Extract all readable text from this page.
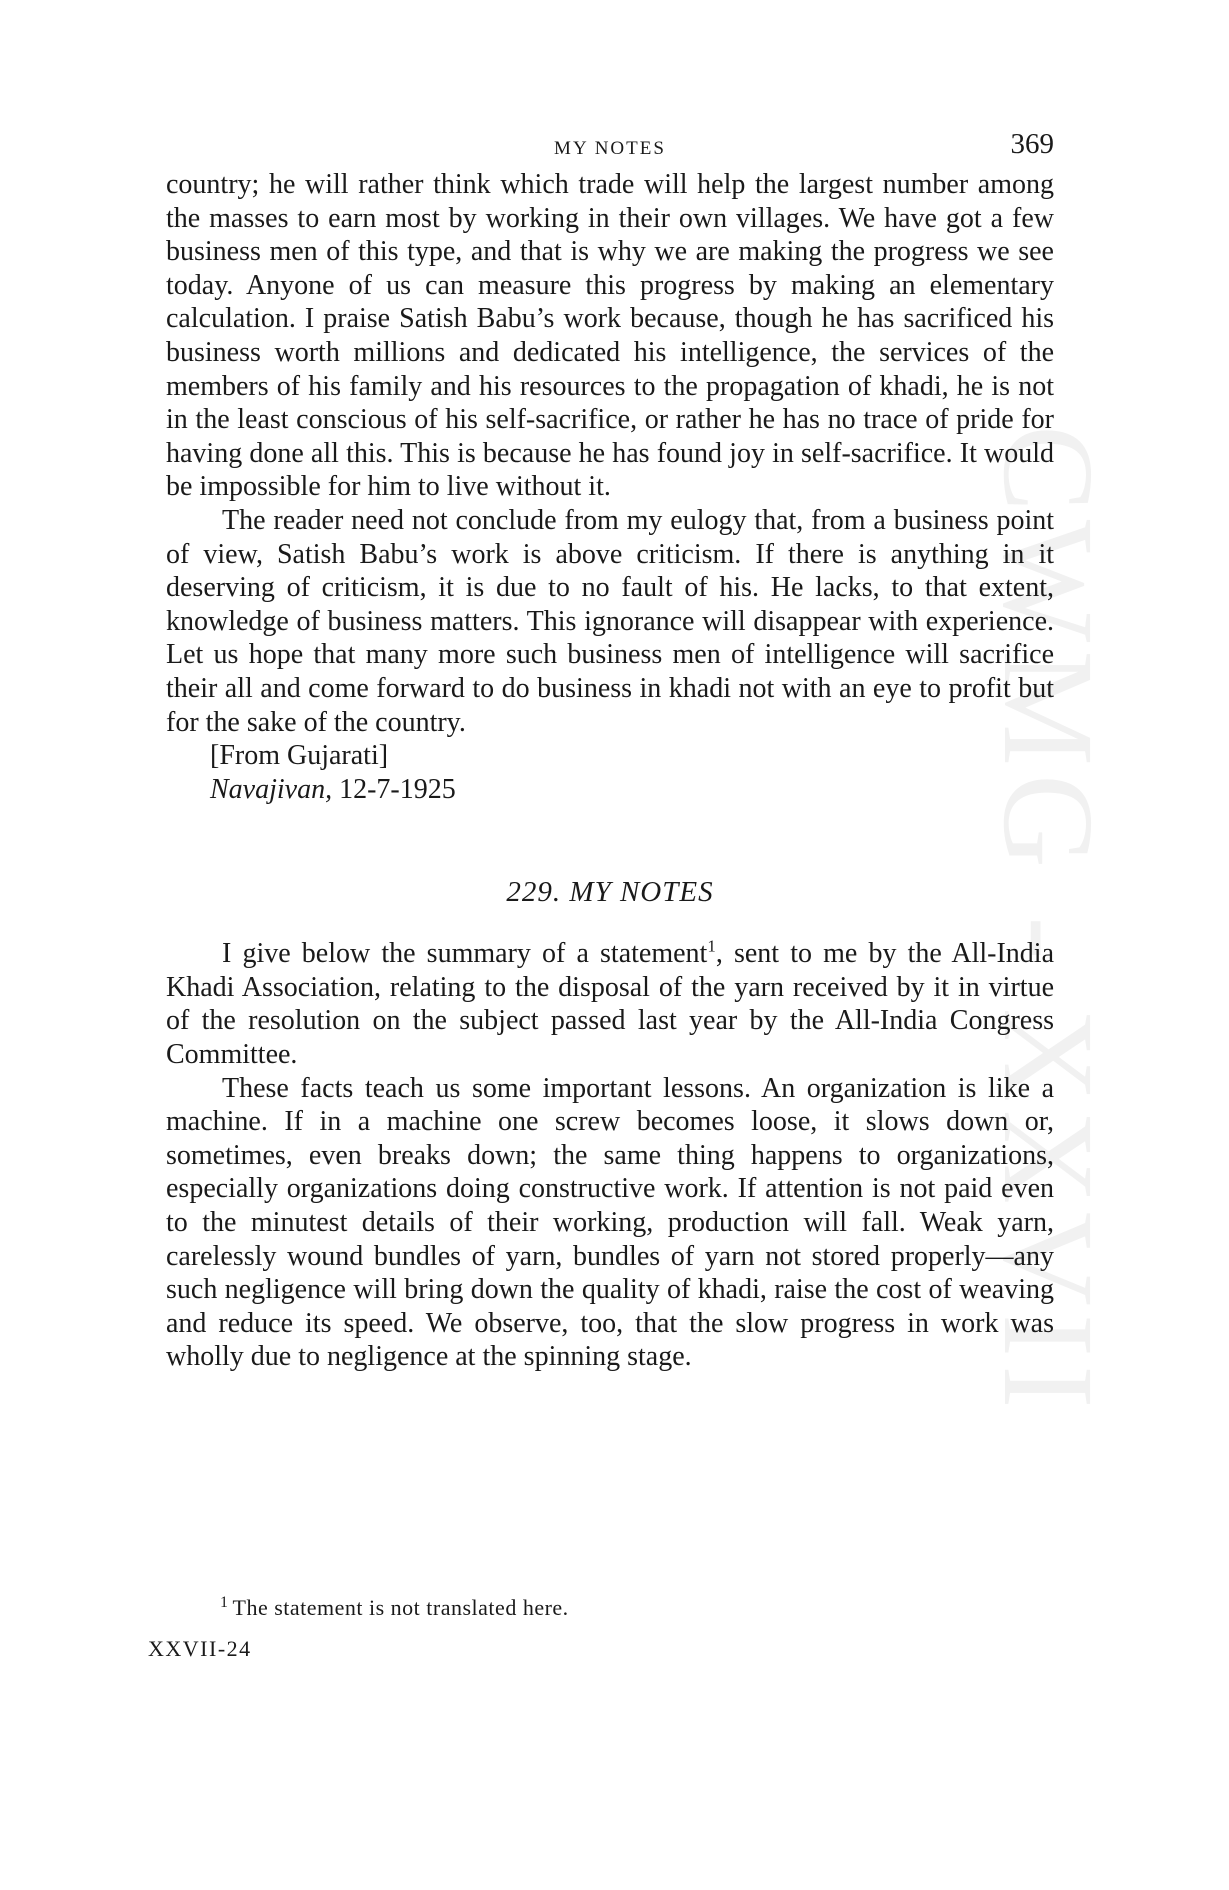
CWMG - XXVII
MY NOTES	369

country; he will rather think which trade will help the largest number among the masses to earn most by working in their own villages. We have got a few business men of this type, and that is why we are making the progress we see today. Anyone of us can measure this progress by making an elementary calculation. I praise Satish Babu’s work because, though he has sacrificed his business worth millions and dedicated his intelligence, the services of the members of his family and his resources to the propagation of khadi, he is not in the least conscious of his self-sacrifice, or rather he has no trace of pride for having done all this. This is because he has found joy in self-sacrifice. It would be impossible for him to live without it.

The reader need not conclude from my eulogy that, from a business point of view, Satish Babu’s work is above criticism. If there is anything in it deserving of criticism, it is due to no fault of his. He lacks, to that extent, knowledge of business matters. This ignorance will disappear with experience. Let us hope that many more such business men of intelligence will sacrifice their all and come forward to do business in khadi not with an eye to profit but for the sake of the country.

[From Gujarati]
Navajivan, 12-7-1925
229. MY NOTES

I give below the summary of a statement$^1$, sent to me by the All-India Khadi Association, relating to the disposal of the yarn received by it in virtue of the resolution on the subject passed last year by the All-India Congress Committee.

These facts teach us some important lessons. An organization is like a machine. If in a machine one screw becomes loose, it slows down or, sometimes, even breaks down; the same thing happens to organizations, especially organizations doing constructive work. If attention is not paid even to the minutest details of their working, production will fall. Weak yarn, carelessly wound bundles of yarn, bundles of yarn not stored properly—any such negligence will bring down the quality of khadi, raise the cost of weaving and reduce its speed. We observe, too, that the slow progress in work was wholly due to negligence at the spinning stage.

$^1$ The statement is not translated here.
XXVII-24
